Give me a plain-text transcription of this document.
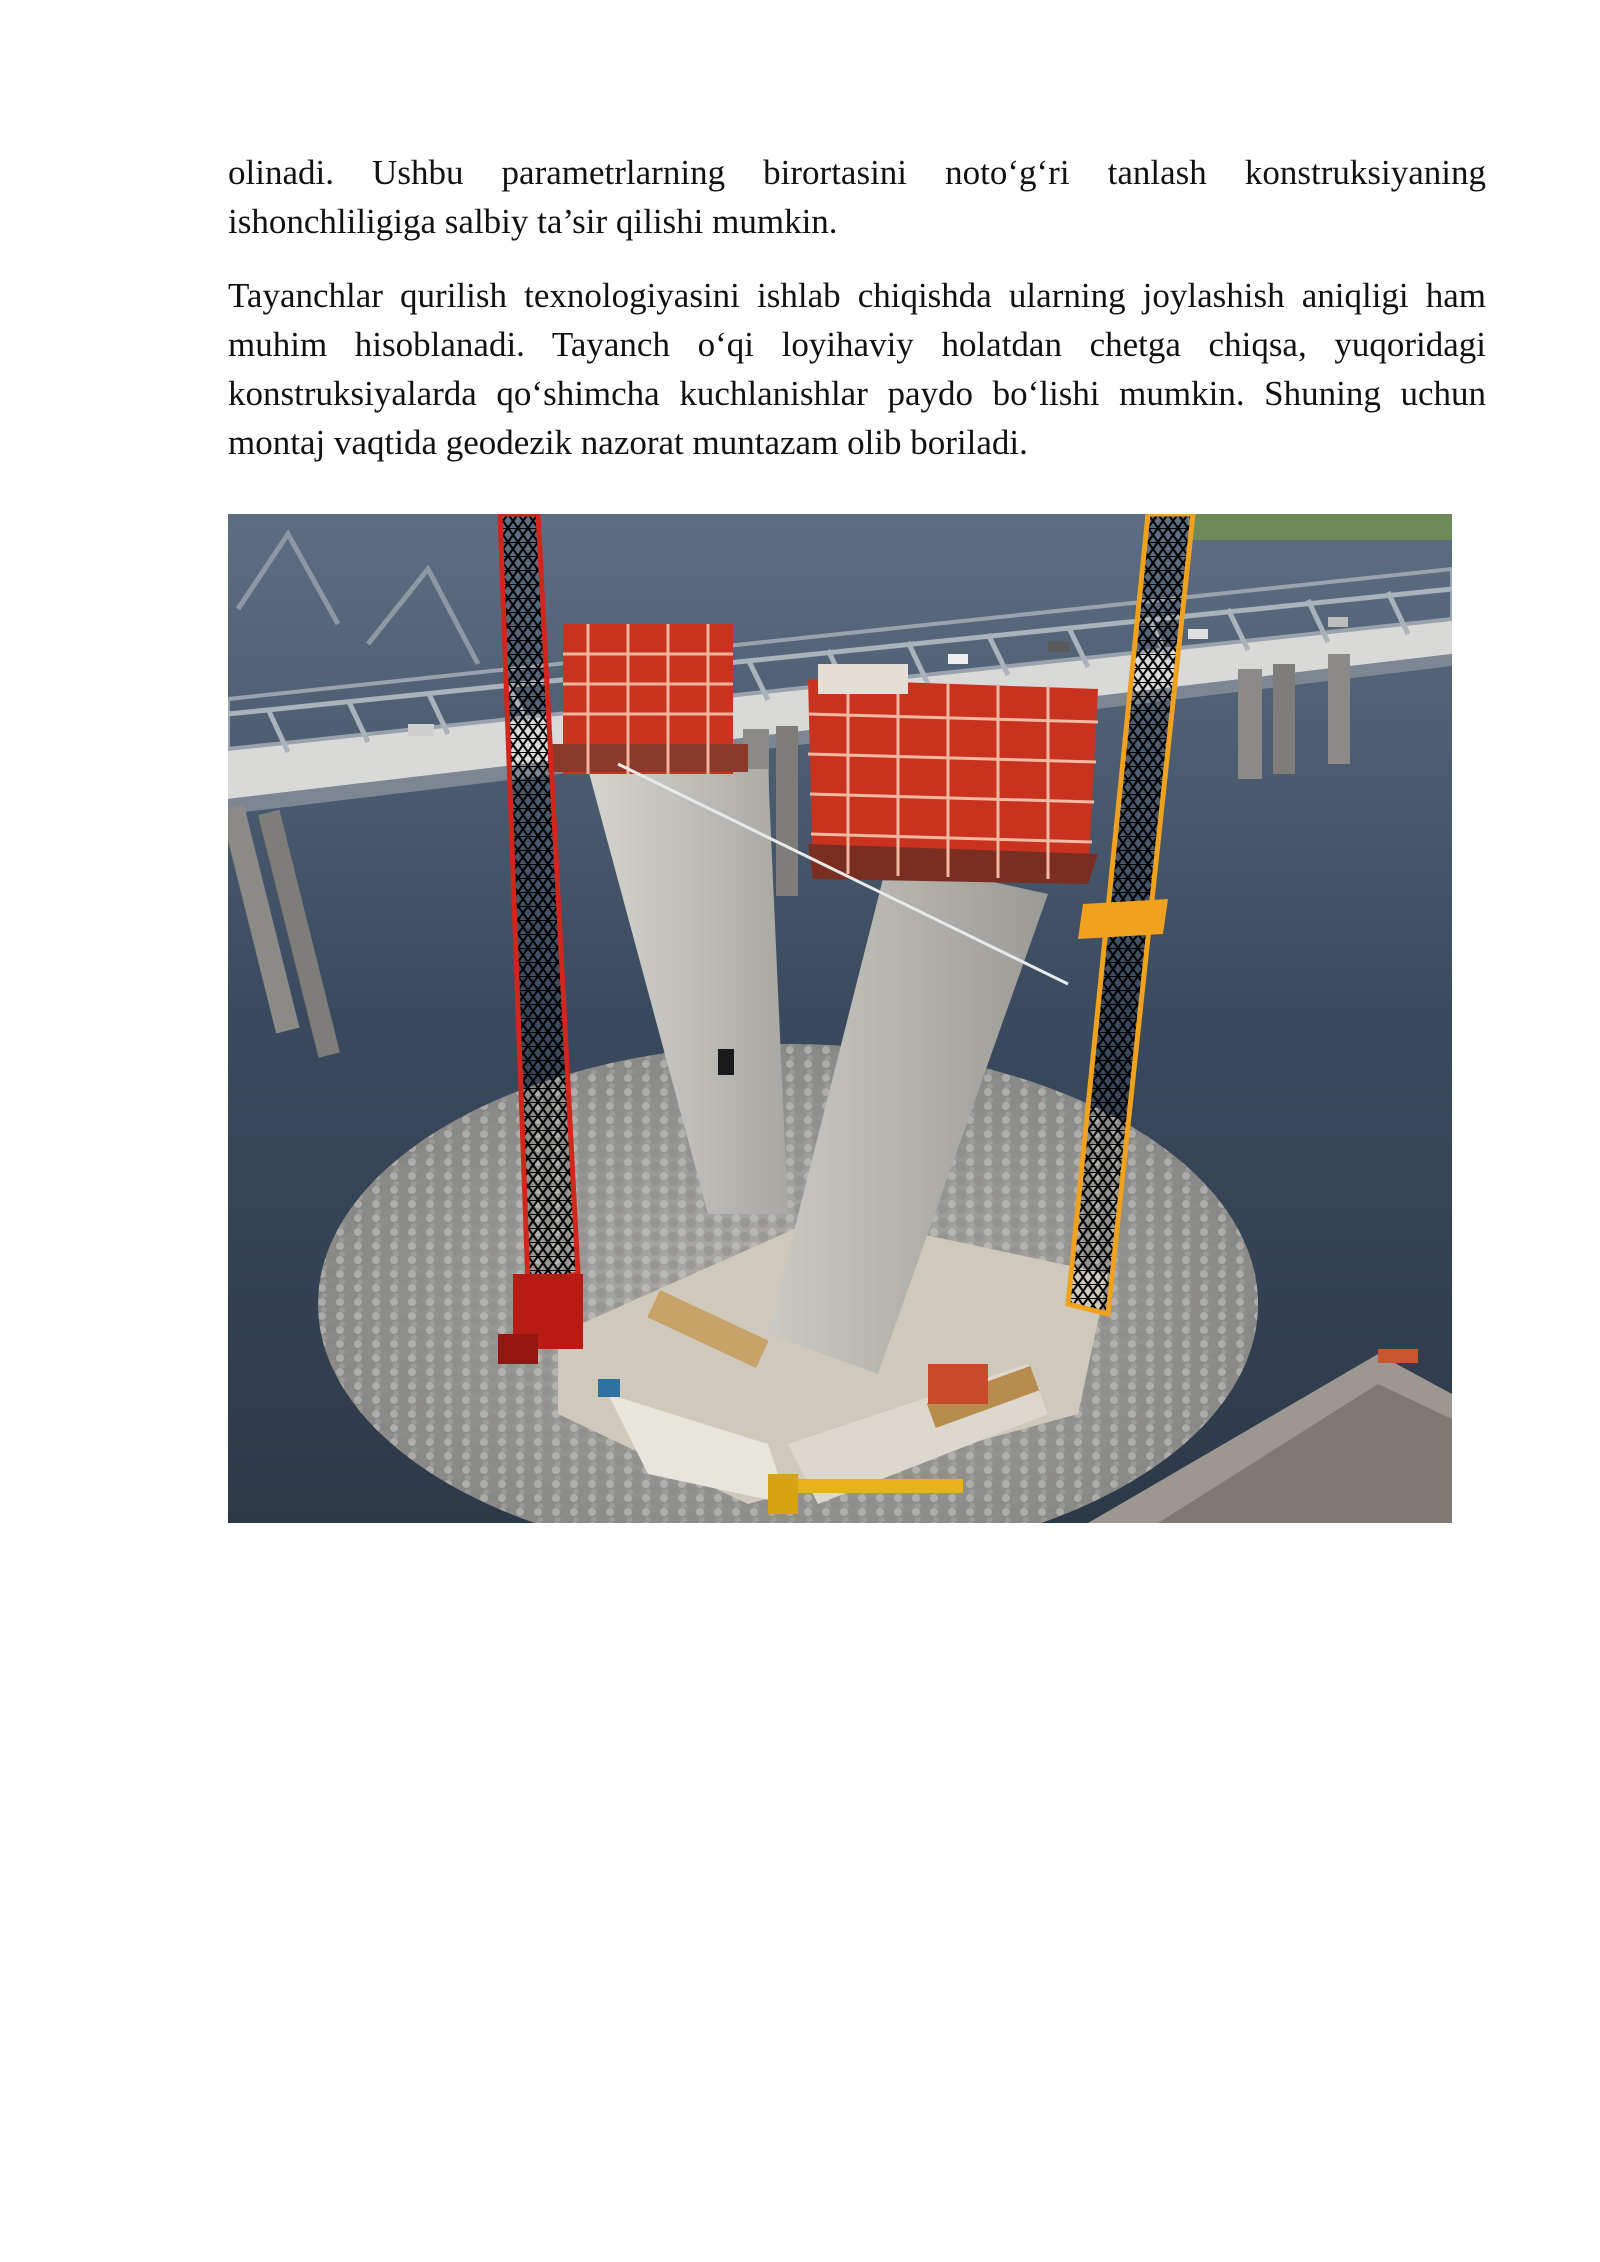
olinadi. Ushbu parametrlarning birortasini noto‘g‘ri tanlash konstruksiyaning ishonchliligiga salbiy ta’sir qilishi mumkin.

Tayanchlar qurilish texnologiyasini ishlab chiqishda ularning joylashish aniqligi ham muhim hisoblanadi. Tayanch o‘qi loyihaviy holatdan chetga chiqsa, yuqoridagi konstruksiyalarda qo‘shimcha kuchlanishlar paydo bo‘lishi mumkin. Shuning uchun montaj vaqtida geodezik nazorat muntazam olib boriladi.
